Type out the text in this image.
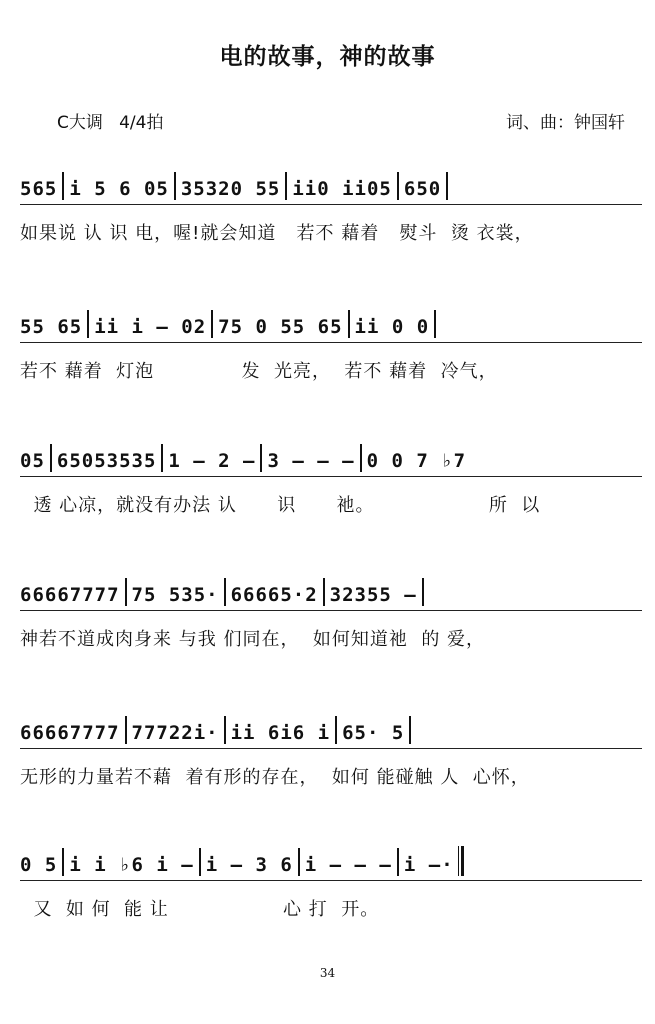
电的故事，神的故事
C大调   4/4拍	词、曲：钟国轩
565 i 5 6 05 35320 55 ii0 ii05 650
如果说 认 识 电，喔!就会知道   若不 藉着   熨斗  烫 衣裳，
55 65 ii i – 02 75 0 55 65 ii 0 0
若不 藉着  灯泡             发  光亮，  若不 藉着  冷气，
05 65053535 1 – 2 – 3 – – – 0 0 7 ♭7
透 心凉，就没有办法 认      识      祂。                 所  以
66667777 75 535· 66665·2 32355 –
神若不道成肉身来 与我 们同在，  如何知道祂  的 爱，
66667777 77722i· ii 6i6 i 65· 5
无形的力量若不藉  着有形的存在，  如何 能碰触 人  心怀，
0 5 i i ♭6 i – i – 3 6 i – – – i –·
又  如 何  能 让                 心 打  开。
34
